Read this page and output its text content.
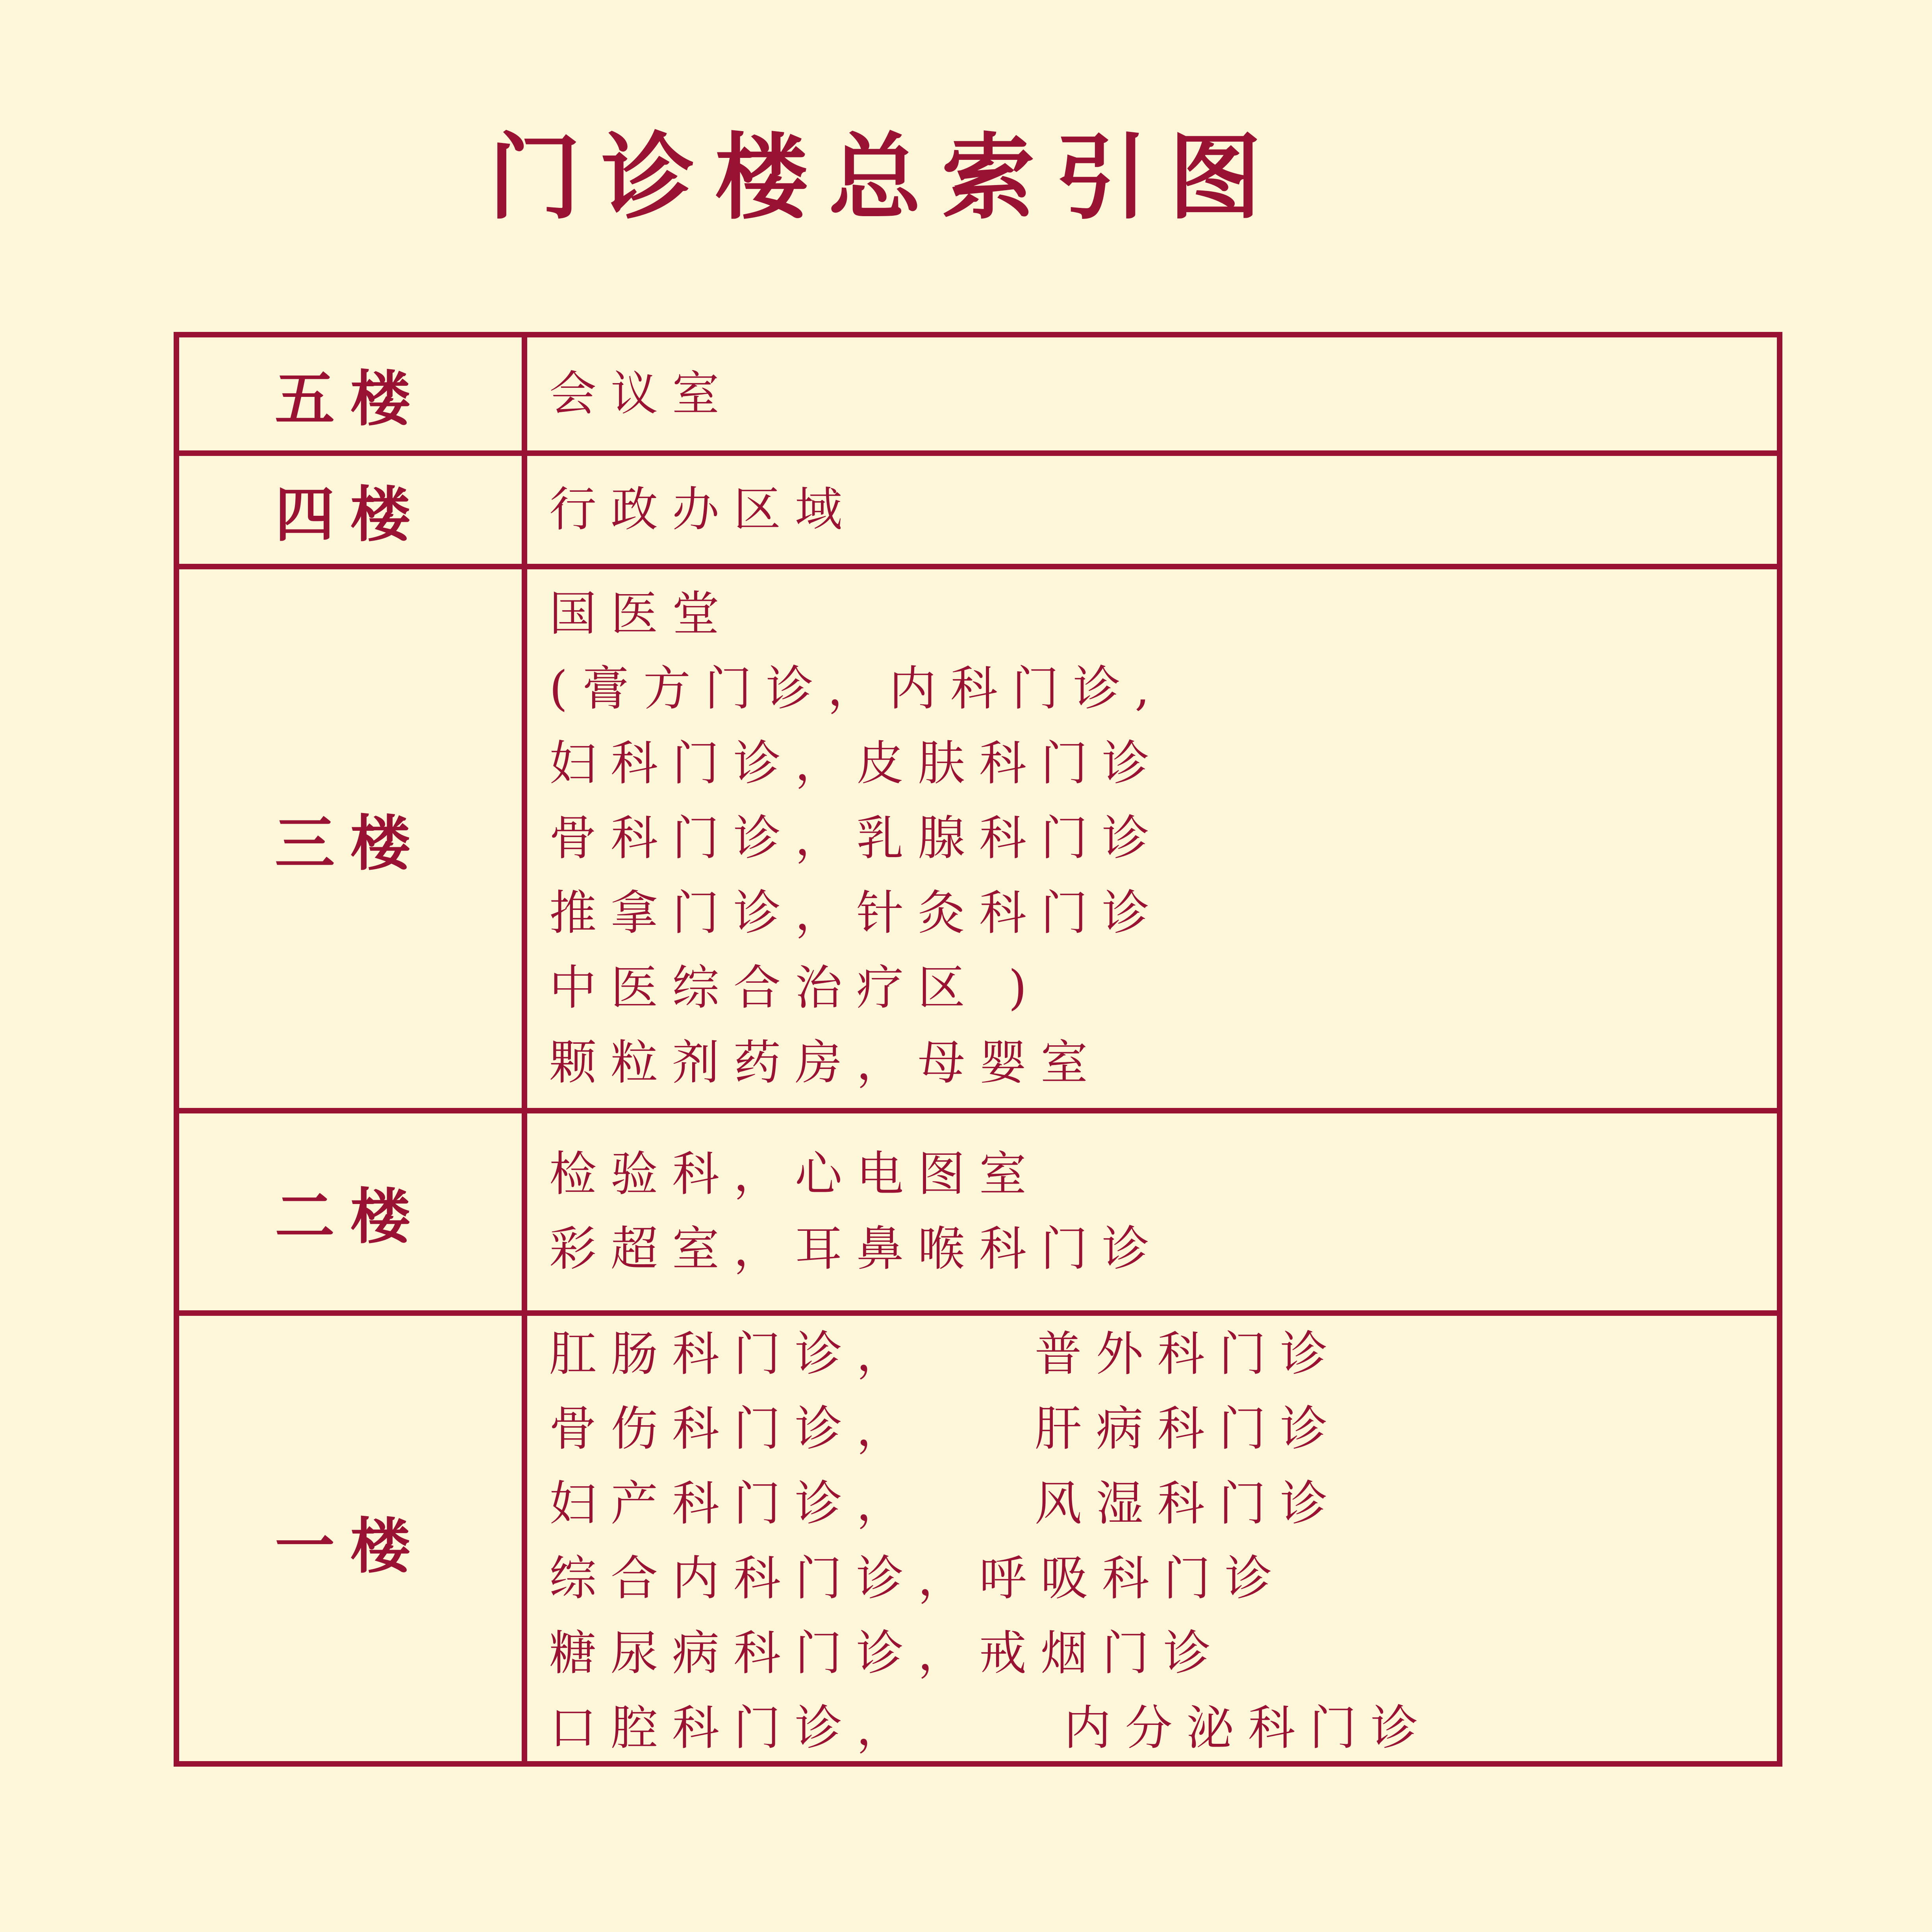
门诊楼总索引图
五楼	会议室
四楼	行政办区域
三楼
国医堂
(膏方门诊，内科门诊,
妇科门诊，皮肤科门诊
骨科门诊，乳腺科门诊
推拿门诊，针灸科门诊
中医综合治疗区 )
颗粒剂药房，母婴室
二楼
检验科，心电图室
彩超室，耳鼻喉科门诊
一楼
肛肠科门诊，    普外科门诊
骨伤科门诊，    肝病科门诊
妇产科门诊，    风湿科门诊
综合内科门诊，呼吸科门诊
糖尿病科门诊，戒烟门诊
口腔科门诊，     内分泌科门诊
